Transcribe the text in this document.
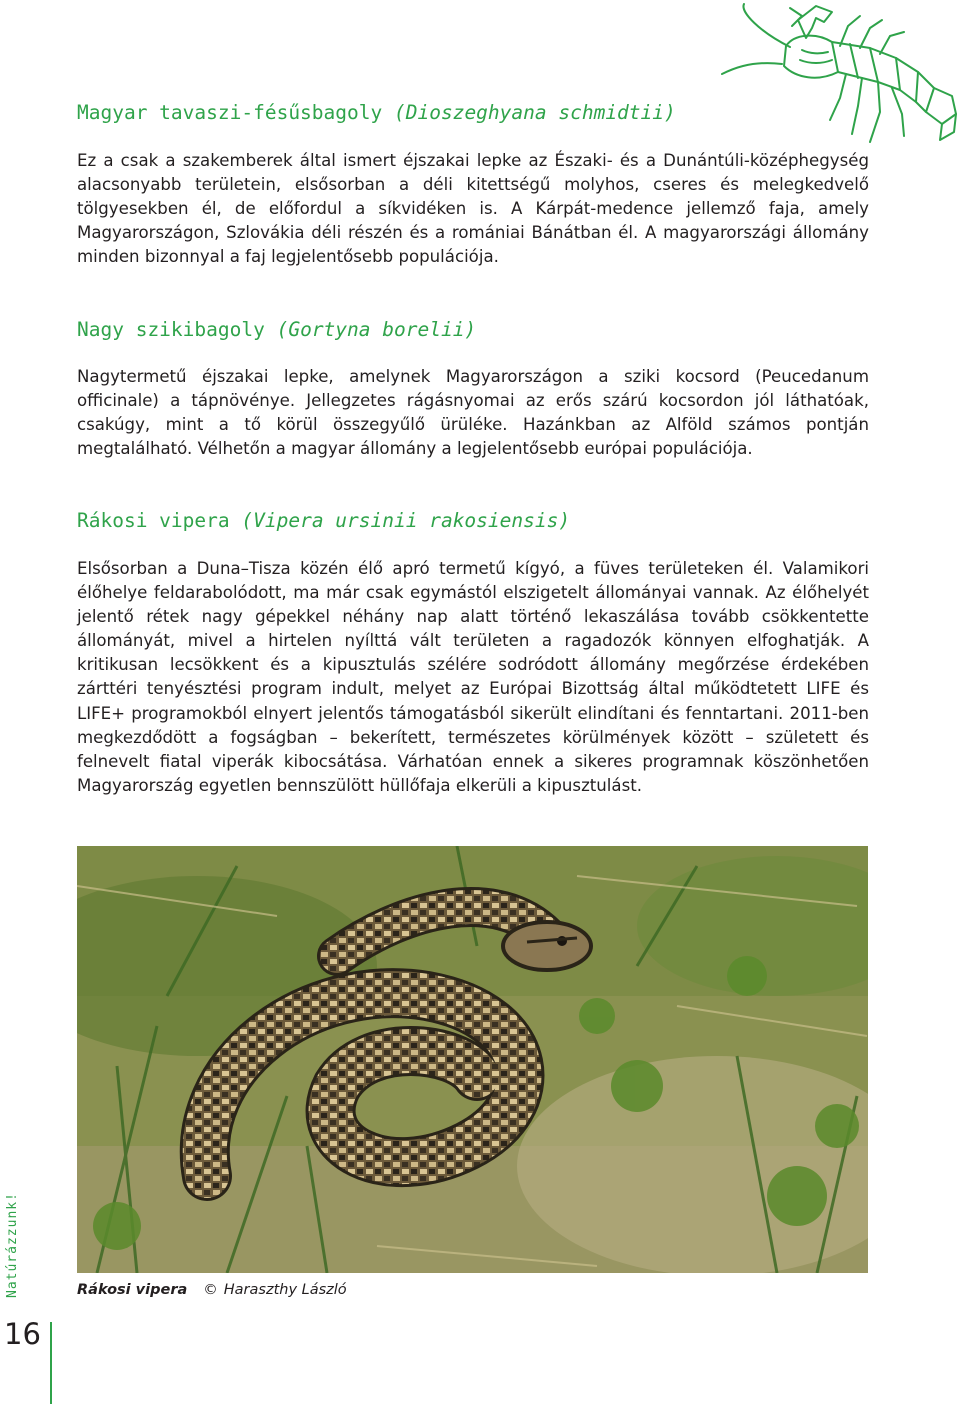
Magyar tavaszi-fésűsbagoly (Dioszeghyana schmidtii)

Ez a csak a szakemberek által ismert éjszakai lepke az Északi- és a Dunántúli-középhegység alacsonyabb területein, elsősorban a déli kitettségű molyhos, cseres és melegkedvelő tölgyesekben él, de előfordul a síkvidéken is. A Kárpát-medence jellemző faja, amely Magyarországon, Szlovákia déli részén és a romániai Bánátban él. A magyarországi állomány minden bizonnyal a faj legjelentősebb populációja.

Nagy szikibagoly (Gortyna borelii)

Nagytermetű éjszakai lepke, amelynek Magyarországon a sziki kocsord (Peucedanum officinale) a tápnövénye. Jellegzetes rágásnyomai az erős szárú kocsordon jól láthatóak, csakúgy, mint a tő körül összegyűlő ürüléke. Hazánkban az Alföld számos pontján megtalálható. Vélhetőn a magyar állomány a legjelentősebb európai populációja.

Rákosi vipera (Vipera ursinii rakosiensis)

Elsősorban a Duna–Tisza közén élő apró termetű kígyó, a füves területeken él. Valamikori élőhelye feldarabolódott, ma már csak egymástól elszigetelt állományai vannak. Az élőhelyét jelentő rétek nagy gépekkel néhány nap alatt történő lekaszálása tovább csökkentette állományát, mivel a hirtelen nyílttá vált területen a ragadozók könnyen elfoghatják. A kritikusan lecsökkent és a kipusztulás szélére sodródott állomány megőrzése érdekében zárttéri tenyésztési program indult, melyet az Európai Bizottság által működtetett LIFE és LIFE+ programokból elnyert jelentős támogatásból sikerült elindítani és fenntartani. 2011-ben megkezdődött a fogságban – bekerített, természetes körülmények között – született és felnevelt fiatal viperák kibocsátása. Várhatóan ennek a sikeres programnak köszönhetően Magyarország egyetlen bennszülött hüllőfaja elkerüli a kipusztulást.

Rákosi vipera © Haraszthy László

Natúrázzunk!

16
